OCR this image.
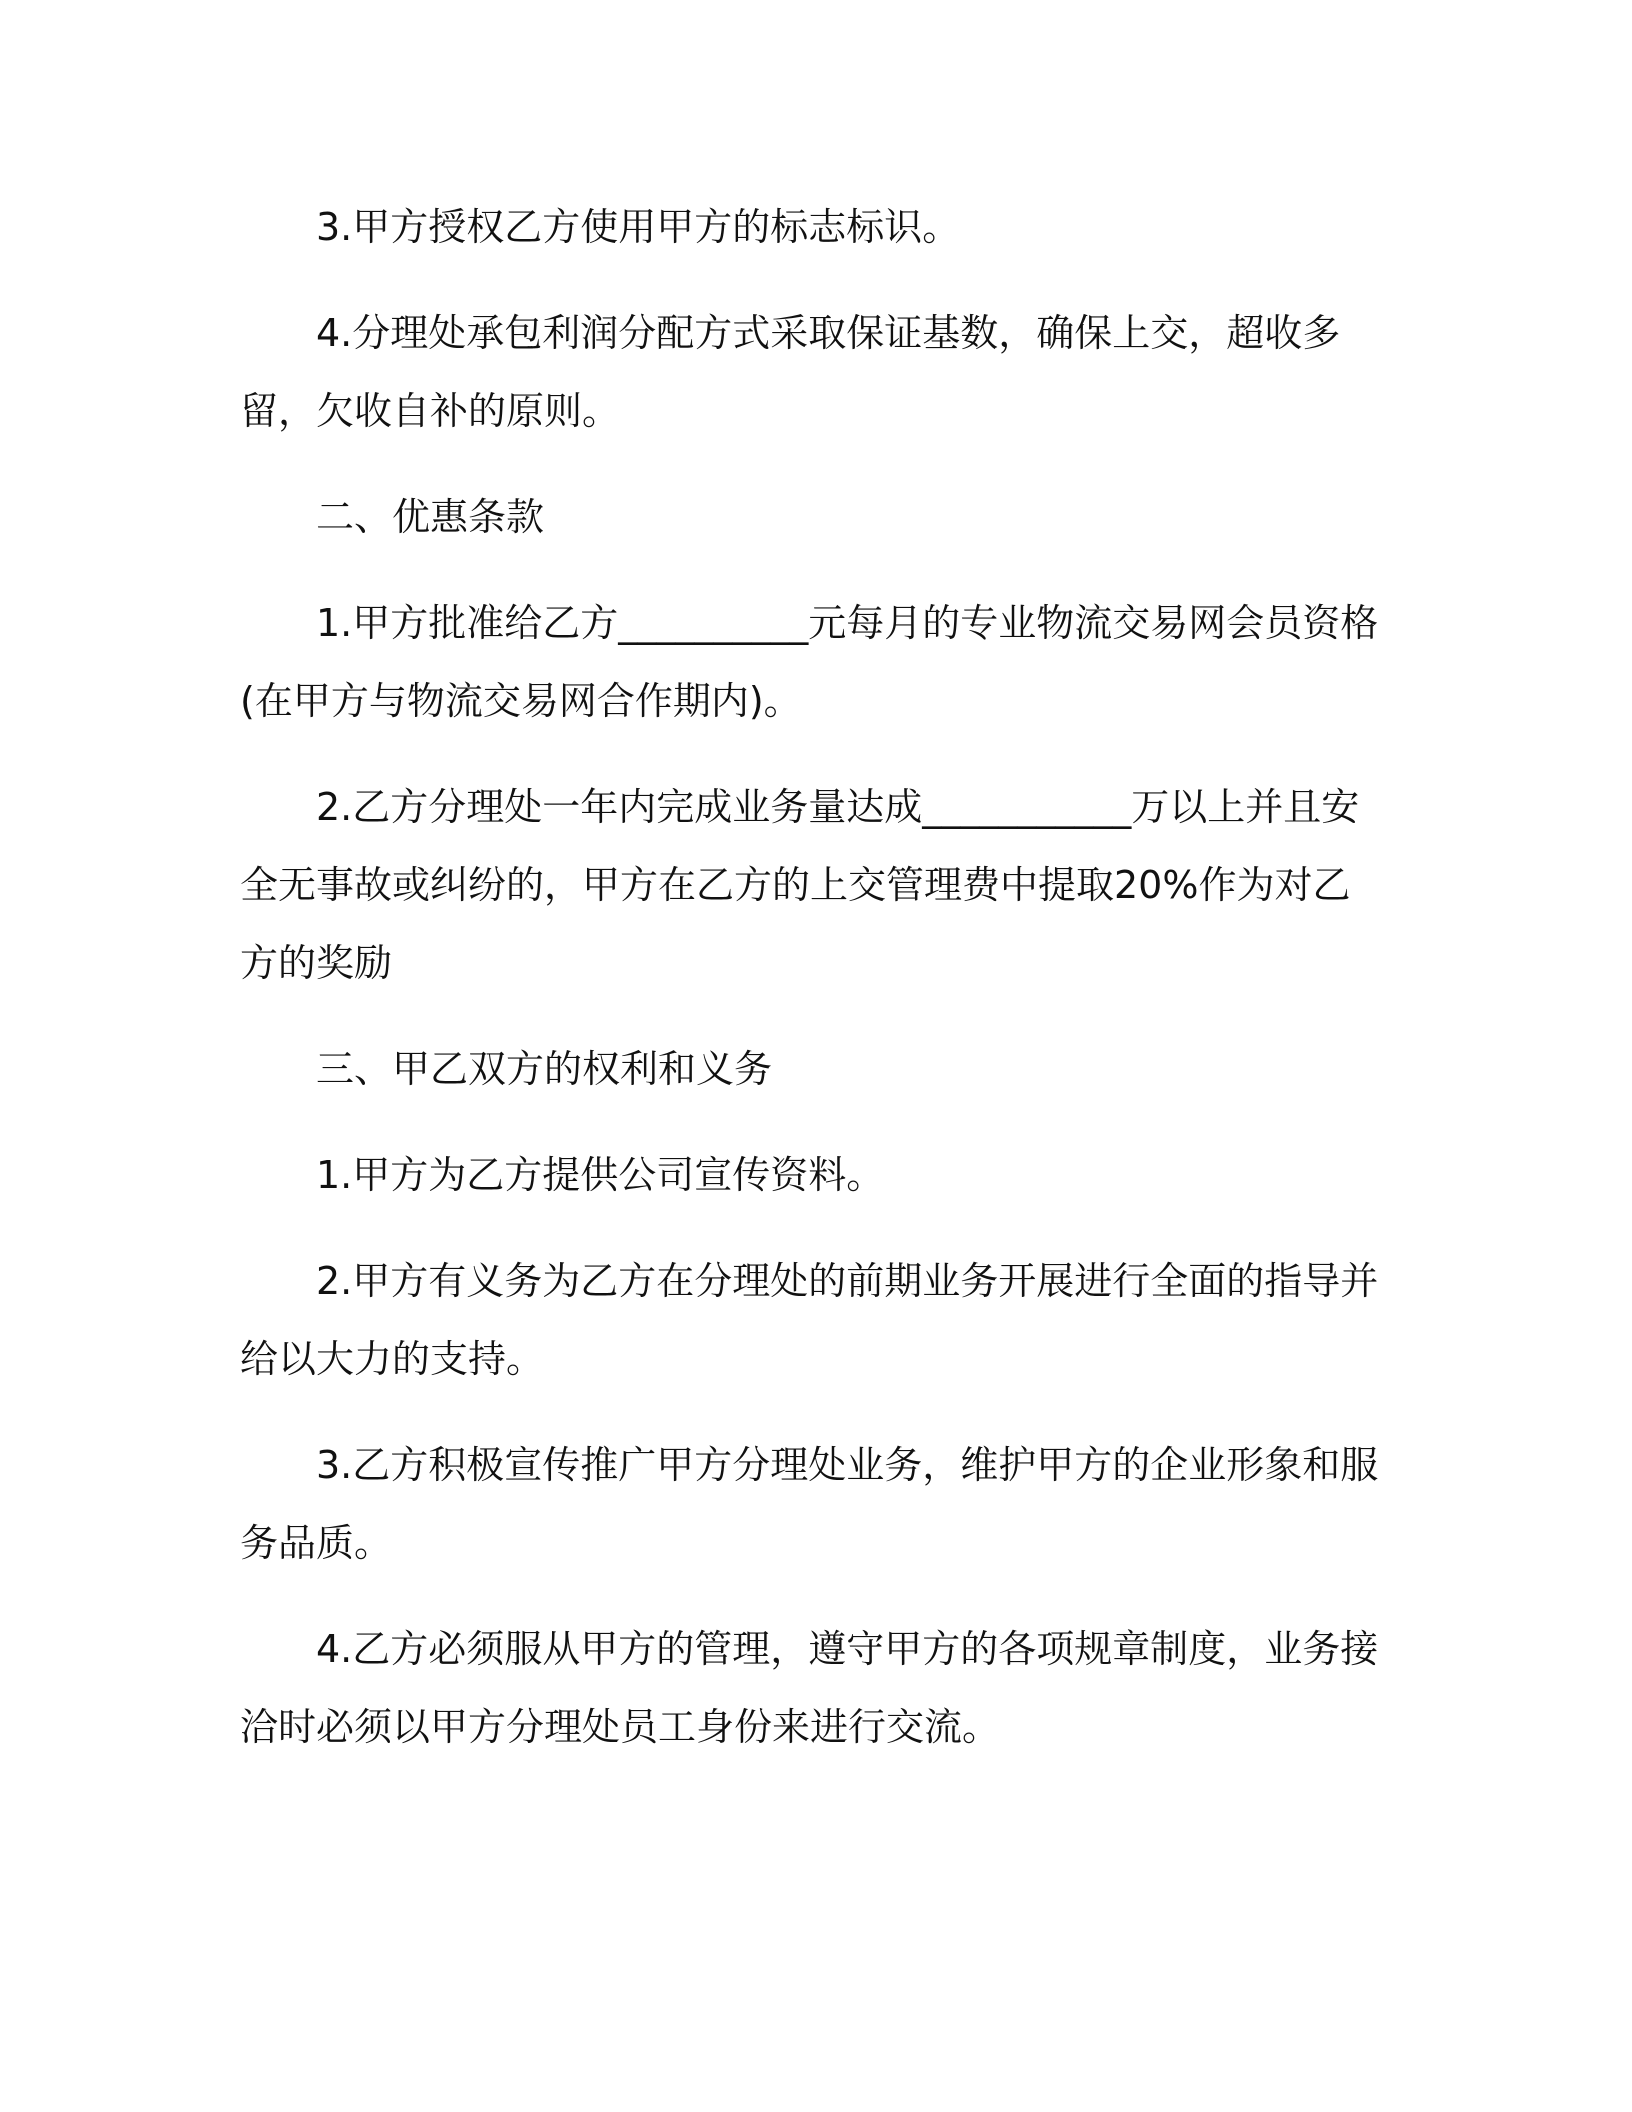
3.甲方授权乙方使用甲方的标志标识。

4.分理处承包利润分配方式采取保证基数，确保上交，超收多留，欠收自补的原则。

二、优惠条款

1.甲方批准给乙方__________元每月的专业物流交易网会员资格(在甲方与物流交易网合作期内)。

2.乙方分理处一年内完成业务量达成___________万以上并且安全无事故或纠纷的，甲方在乙方的上交管理费中提取20%作为对乙方的奖励

三、甲乙双方的权利和义务

1.甲方为乙方提供公司宣传资料。

2.甲方有义务为乙方在分理处的前期业务开展进行全面的指导并给以大力的支持。

3.乙方积极宣传推广甲方分理处业务，维护甲方的企业形象和服务品质。

4.乙方必须服从甲方的管理，遵守甲方的各项规章制度，业务接洽时必须以甲方分理处员工身份来进行交流。
